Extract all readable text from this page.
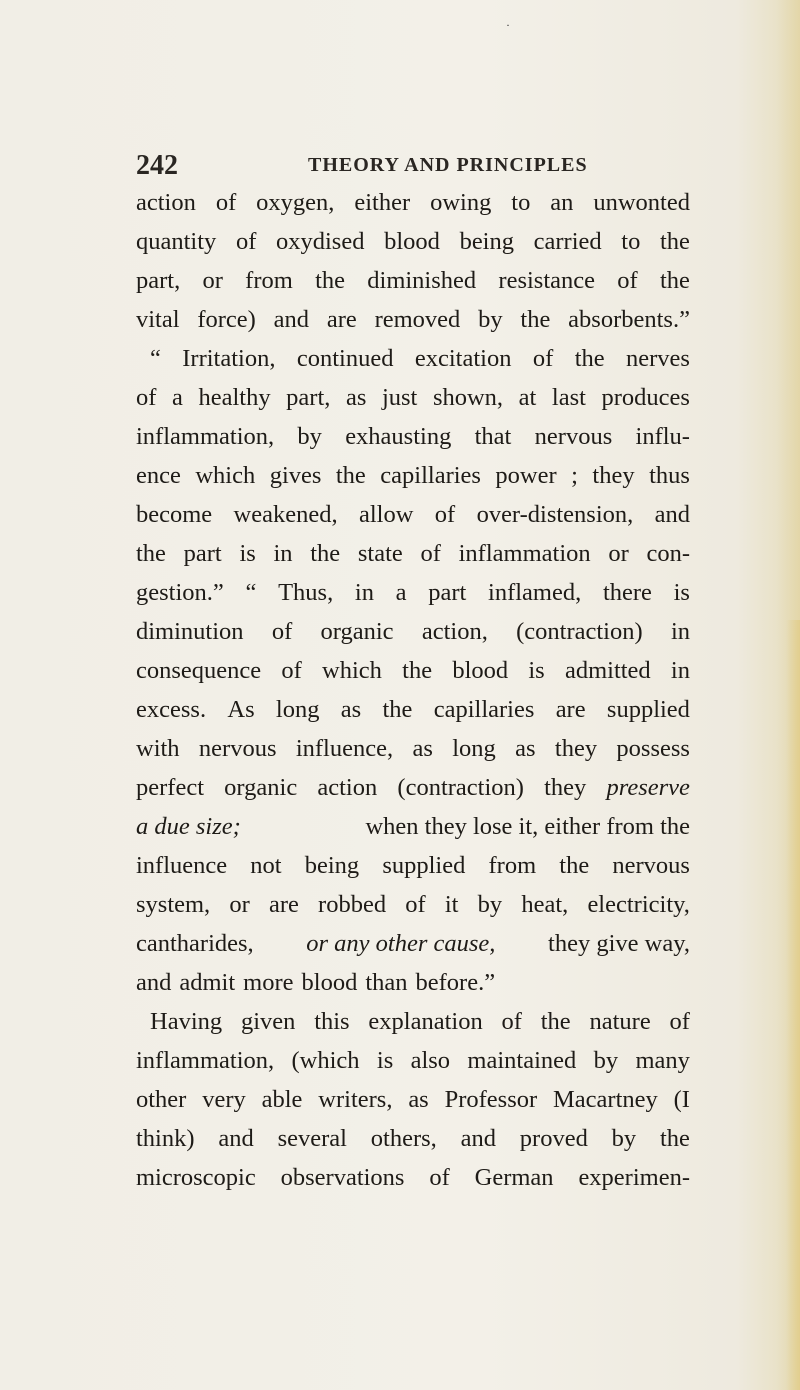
·
242	THEORY AND PRINCIPLES
action of oxygen, either owing to an unwonted
quantity of oxydised blood being carried to the
part, or from the diminished resistance of the
vital force) and are removed by the absorbents.”
“ Irritation, continued excitation of the nerves
of a healthy part, as just shown, at last produces
inflammation, by exhausting that nervous influ-
ence which gives the capillaries power ; they thus
become weakened, allow of over-distension, and
the part is in the state of inflammation or con-
gestion.” “ Thus, in a part inflamed, there is
diminution of organic action, (contraction) in
consequence of which the blood is admitted in
excess. As long as the capillaries are supplied
with nervous influence, as long as they possess
perfect organic action (contraction) they preserve
a due size;	when they lose it, either from the
influence not being supplied from the nervous
system, or are robbed of it by heat, electricity,
cantharides, or any other cause, they give way,
and admit more blood than before.”
Having given this explanation of the nature of
inflammation, (which is also maintained by many
other very able writers, as Professor Macartney (I
think) and several others, and proved by the
microscopic observations of German experimen-
